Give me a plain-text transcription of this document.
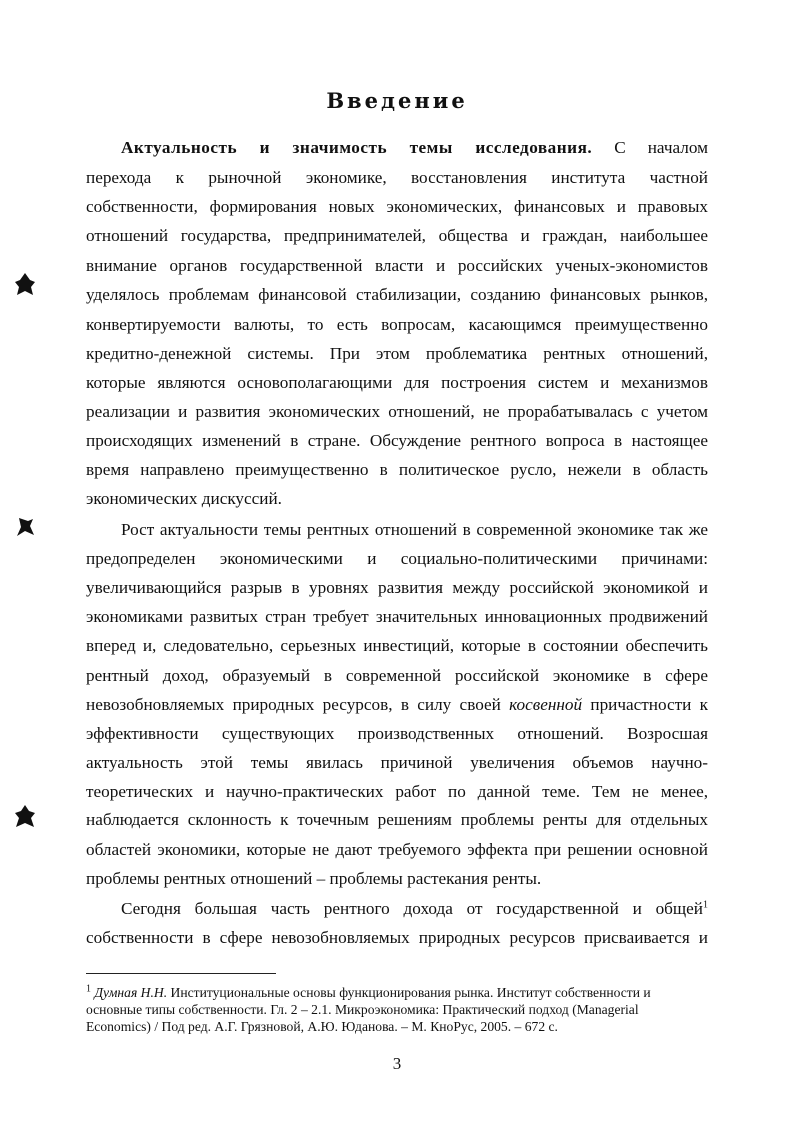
Введение
Актуальность и значимость темы исследования. С началом
перехода к рыночной экономике, восстановления института частной
собственности, формирования новых экономических, финансовых и правовых
отношений государства, предпринимателей, общества и граждан, наибольшее
внимание органов государственной власти и российских ученых-экономистов
уделялось проблемам финансовой стабилизации, созданию финансовых рынков,
конвертируемости валюты, то есть вопросам, касающимся преимущественно
кредитно-денежной системы. При этом проблематика рентных отношений,
которые являются основополагающими для построения систем и механизмов
реализации и развития экономических отношений, не прорабатывалась с учетом
происходящих изменений в стране. Обсуждение рентного вопроса в настоящее
время направлено преимущественно в политическое русло, нежели в область
экономических дискуссий.
Рост актуальности темы рентных отношений в современной экономике так же
предопределен экономическими и социально-политическими причинами:
увеличивающийся разрыв в уровнях развития между российской экономикой и
экономиками развитых стран требует значительных инновационных продвижений
вперед и, следовательно, серьезных инвестиций, которые в состоянии обеспечить
рентный доход, образуемый в современной российской экономике в сфере
невозобновляемых природных ресурсов, в силу своей косвенной причастности к
эффективности существующих производственных отношений. Возросшая
актуальность этой темы явилась причиной увеличения объемов научно-
теоретических и научно-практических работ по данной теме. Тем не менее,
наблюдается склонность к точечным решениям проблемы ренты для отдельных
областей экономики, которые не дают требуемого эффекта при решении основной
проблемы рентных отношений – проблемы растекания ренты.
Сегодня большая часть рентного дохода от государственной и общей$^1$
собственности в сфере невозобновляемых природных ресурсов присваивается и
$^1$ Думная Н.Н. Институциональные основы функционирования рынка. Институт собственности и
основные типы собственности. Гл. 2 – 2.1. Микроэкономика: Практический подход (Managerial
Economics) / Под ред. А.Г. Грязновой, А.Ю. Юданова. – М. КноРус, 2005. – 672 с.
3
